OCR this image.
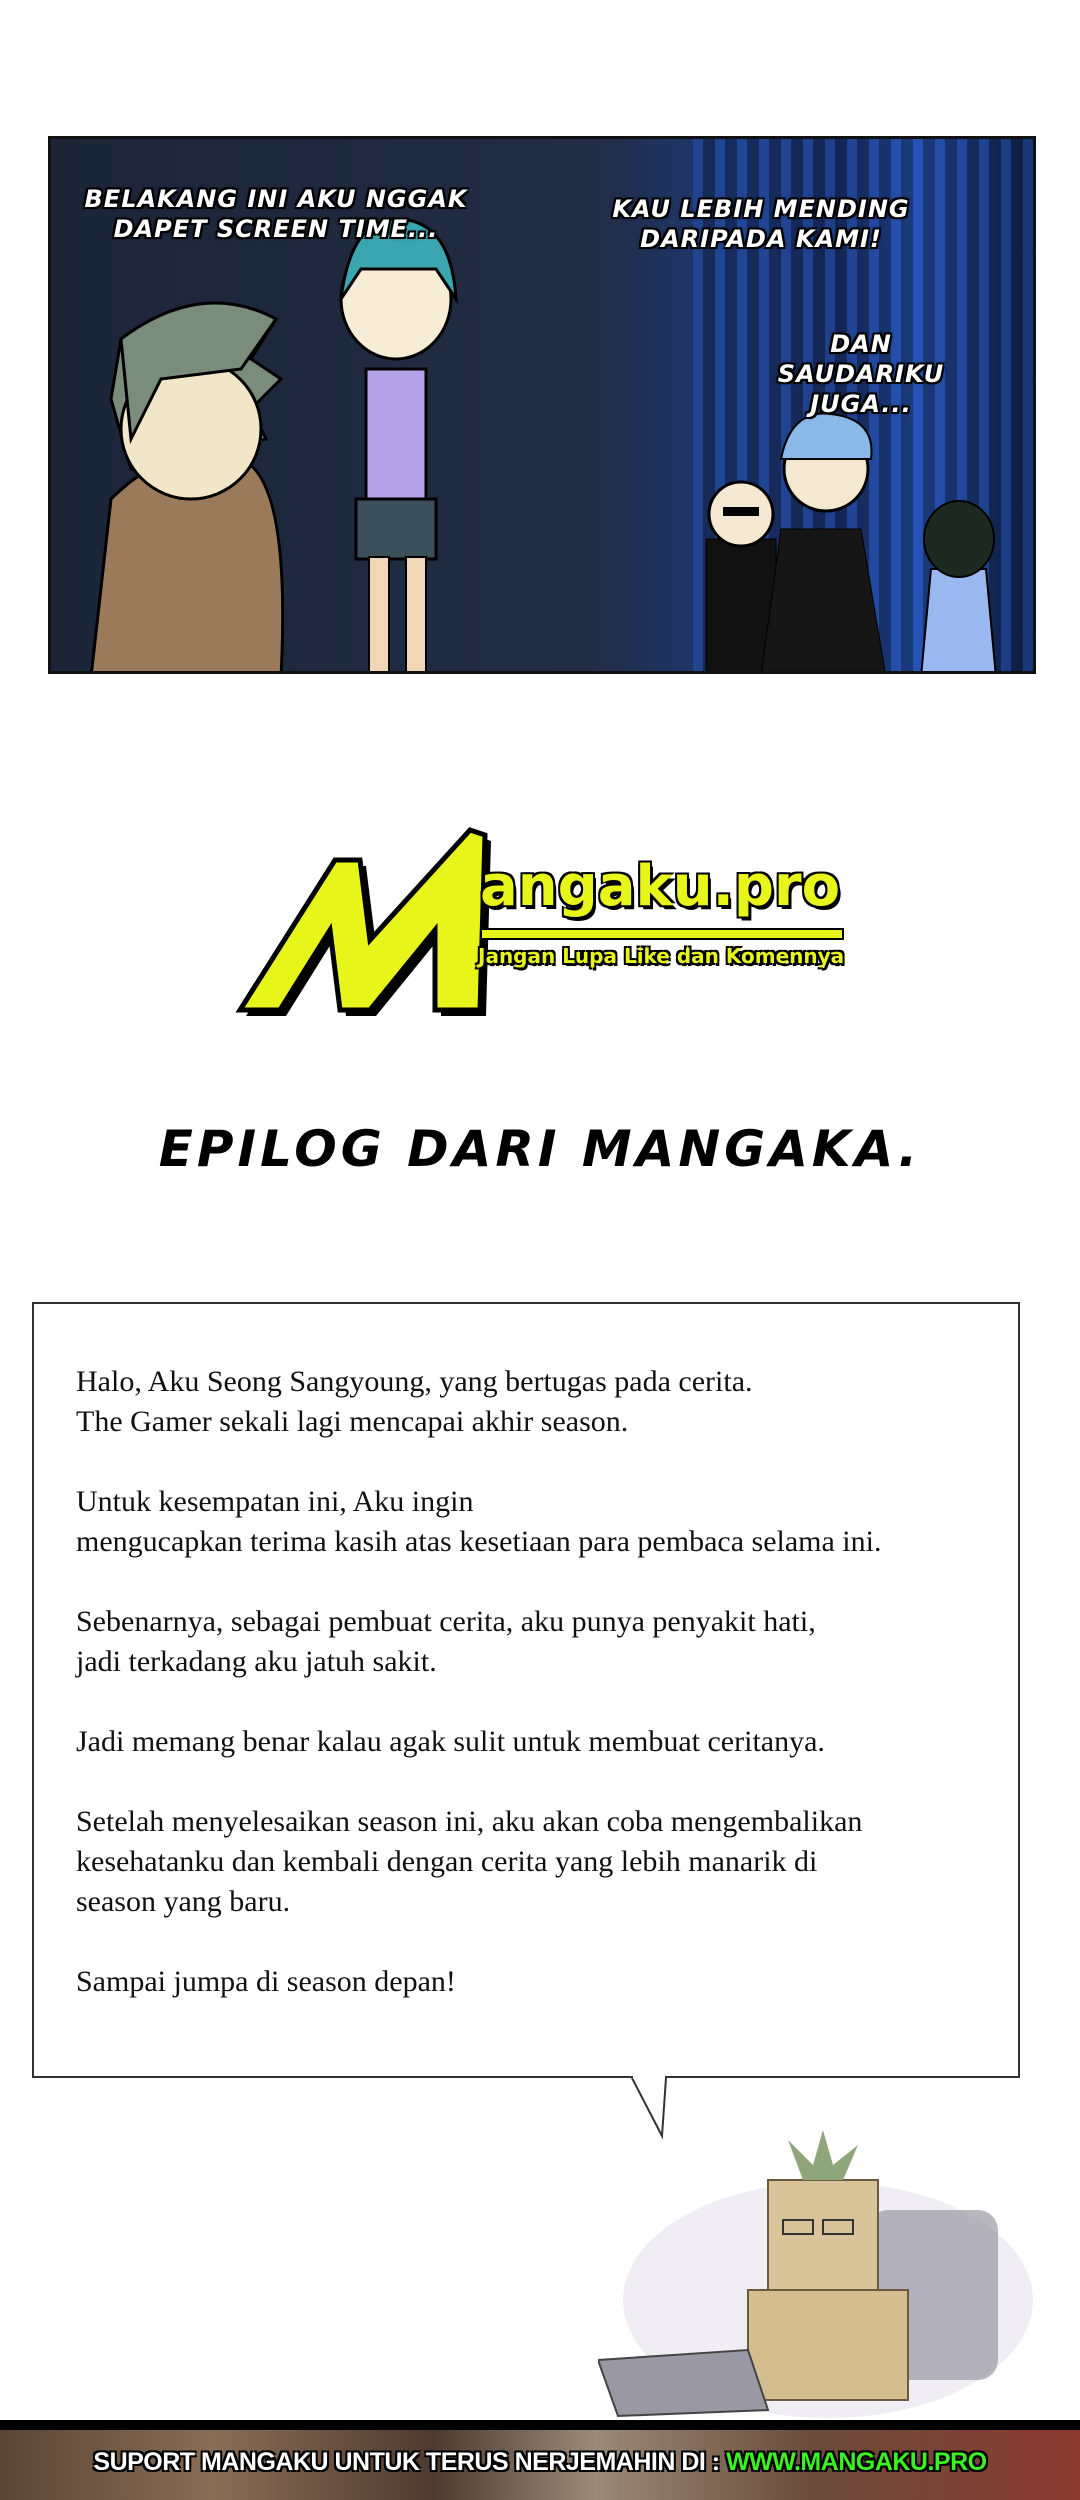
BELAKANG INI AKU NGGAK DAPET SCREEN TIME...
KAU LEBIH MENDING DARIPADA KAMI!
DAN SAUDARIKU JUGA...
angaku.pro
Jangan Lupa Like dan Komennya
EPILOG DARI MANGAKA.

Halo, Aku Seong Sangyoung, yang bertugas pada cerita.
The Gamer sekali lagi mencapai akhir season.

Untuk kesempatan ini, Aku ingin
mengucapkan terima kasih atas kesetiaan para pembaca selama ini.

Sebenarnya, sebagai pembuat cerita, aku punya penyakit hati,
jadi terkadang aku jatuh sakit.

Jadi memang benar kalau agak sulit untuk membuat ceritanya.

Setelah menyelesaikan season ini, aku akan coba mengembalikan
kesehatanku dan kembali dengan cerita yang lebih manarik di
season yang baru.

Sampai jumpa di season depan!

SUPORT MANGAKU UNTUK TERUS NERJEMAHIN DI : WWW.MANGAKU.PRO
